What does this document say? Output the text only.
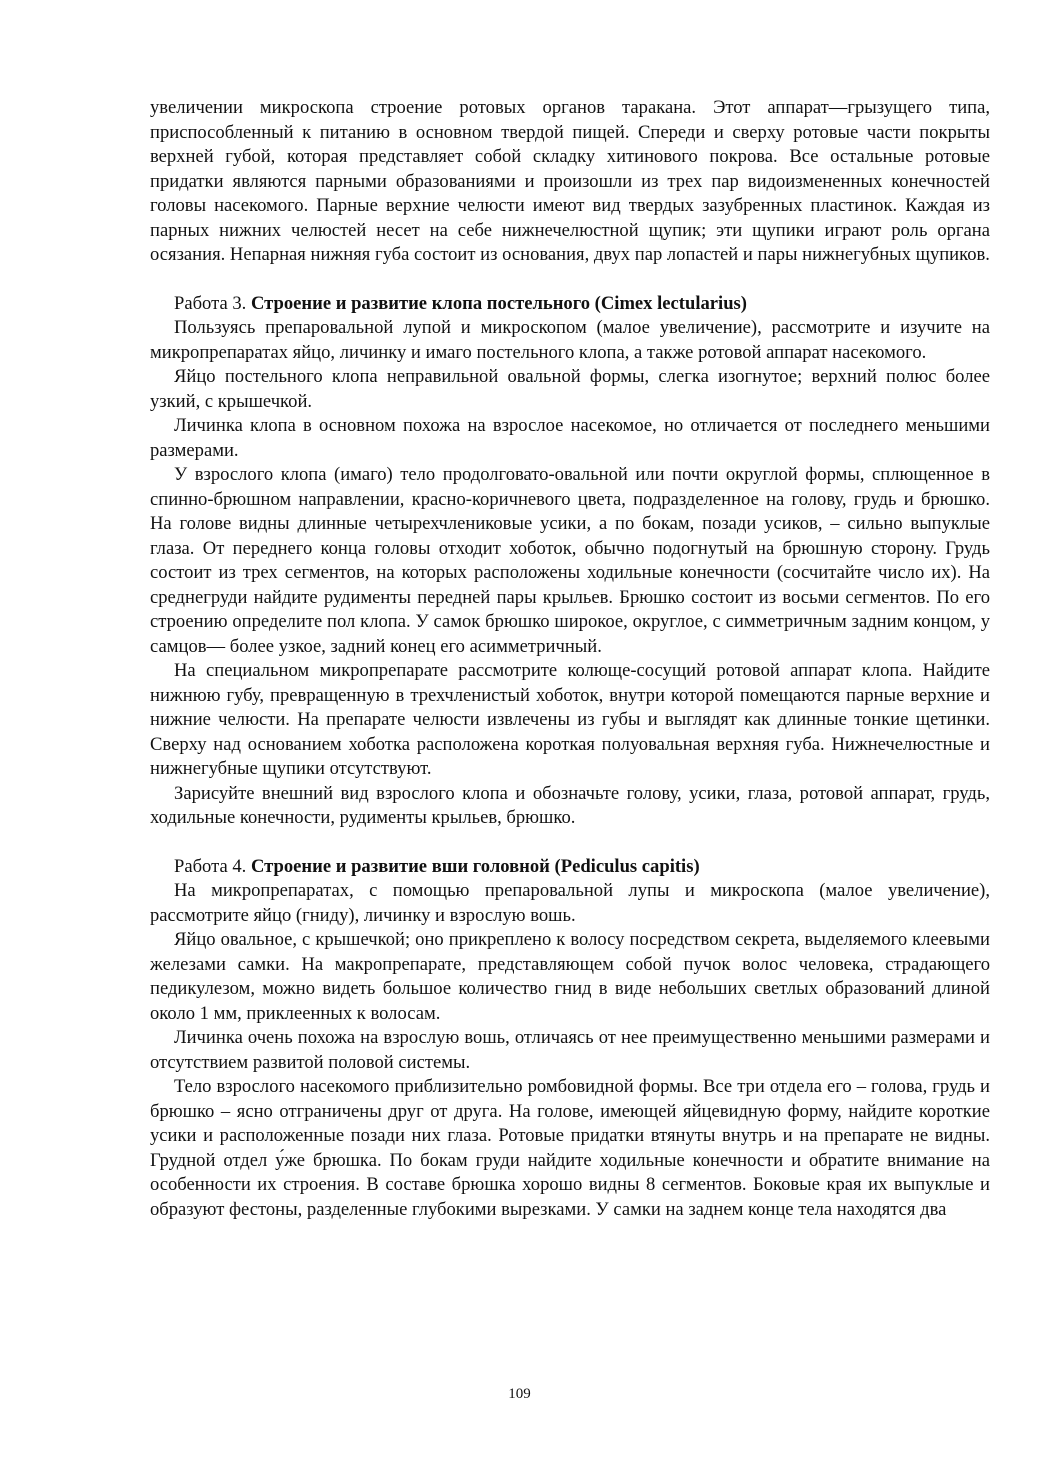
увеличении микроскопа строение ротовых органов таракана. Этот аппарат—грызущего типа, приспособленный к питанию в основном твердой пищей. Спереди и сверху ротовые части покрыты верхней губой, которая представляет собой складку хитинового покрова. Все остальные ротовые придатки являются парными образованиями и произошли из трех пар видоизмененных конечностей головы насекомого. Парные верхние челюсти имеют вид твердых зазубренных пластинок. Каждая из парных нижних челюстей несет на себе нижнечелюстной щупик; эти щупики играют роль органа осязания. Непарная нижняя губа состоит из основания, двух пар лопастей и пары нижнегубных щупиков.

Работа 3. Строение и развитие клопа постельного (Cimex lectularius)

Пользуясь препаровальной лупой и микроскопом (малое увеличение), рассмотрите и изучите на микропрепаратах яйцо, личинку и имаго постельного клопа, а также ротовой аппарат насекомого.

Яйцо постельного клопа неправильной овальной формы, слегка изогнутое; верхний полюс более узкий, с крышечкой.

Личинка клопа в основном похожа на взрослое насекомое, но отличается от последнего меньшими размерами.

У взрослого клопа (имаго) тело продолговато-овальной или почти округлой формы, сплющенное в спинно-брюшном направлении, красно-коричневого цвета, подразделенное на голову, грудь и брюшко. На голове видны длинные четырехчлениковые усики, а по бокам, позади усиков, – сильно выпуклые глаза. От переднего конца головы отходит хоботок, обычно подогнутый на брюшную сторону. Грудь состоит из трех сегментов, на которых расположены ходильные конечности (сосчитайте число их). На среднегруди найдите рудименты передней пары крыльев. Брюшко состоит из восьми сегментов. По его строению определите пол клопа. У самок брюшко широкое, округлое, с симметричным задним концом, у самцов— более узкое, задний конец его асимметричный.

На специальном микропрепарате рассмотрите колюще-сосущий ротовой аппарат клопа. Найдите нижнюю губу, превращенную в трехчленистый хоботок, внутри которой помещаются парные верхние и нижние челюсти. На препарате челюсти извлечены из губы и выглядят как длинные тонкие щетинки. Сверху над основанием хоботка расположена короткая полуовальная верхняя губа. Нижнечелюстные и нижнегубные щупики отсутствуют.

Зарисуйте внешний вид взрослого клопа и обозначьте голову, усики, глаза, ротовой аппарат, грудь, ходильные конечности, рудименты крыльев, брюшко.

Работа 4. Строение и развитие вши головной (Pediculus capitis)

На микропрепаратах, с помощью препаровальной лупы и микроскопа (малое увеличение), рассмотрите яйцо (гниду), личинку и взрослую вошь.

Яйцо овальное, с крышечкой; оно прикреплено к волосу посредством секрета, выделяемого клеевыми железами самки. На макропрепарате, представляющем собой пучок волос человека, страдающего педикулезом, можно видеть большое количество гнид в виде небольших светлых образований длиной около 1 мм, приклеенных к волосам.

Личинка очень похожа на взрослую вошь, отличаясь от нее преимущественно меньшими размерами и отсутствием развитой половой системы.

Тело взрослого насекомого приблизительно ромбовидной формы. Все три отдела его – голова, грудь и брюшко – ясно отграничены друг от друга. На голове, имеющей яйцевидную форму, найдите короткие усики и расположенные позади них глаза. Ротовые придатки втянуты внутрь и на препарате не видны. Грудной отдел у́же брюшка. По бокам груди найдите ходильные конечности и обратите внимание на особенности их строения. В составе брюшка хорошо видны 8 сегментов. Боковые края их выпуклые и образуют фестоны, разделенные глубокими вырезками. У самки на заднем конце тела находятся два

109
